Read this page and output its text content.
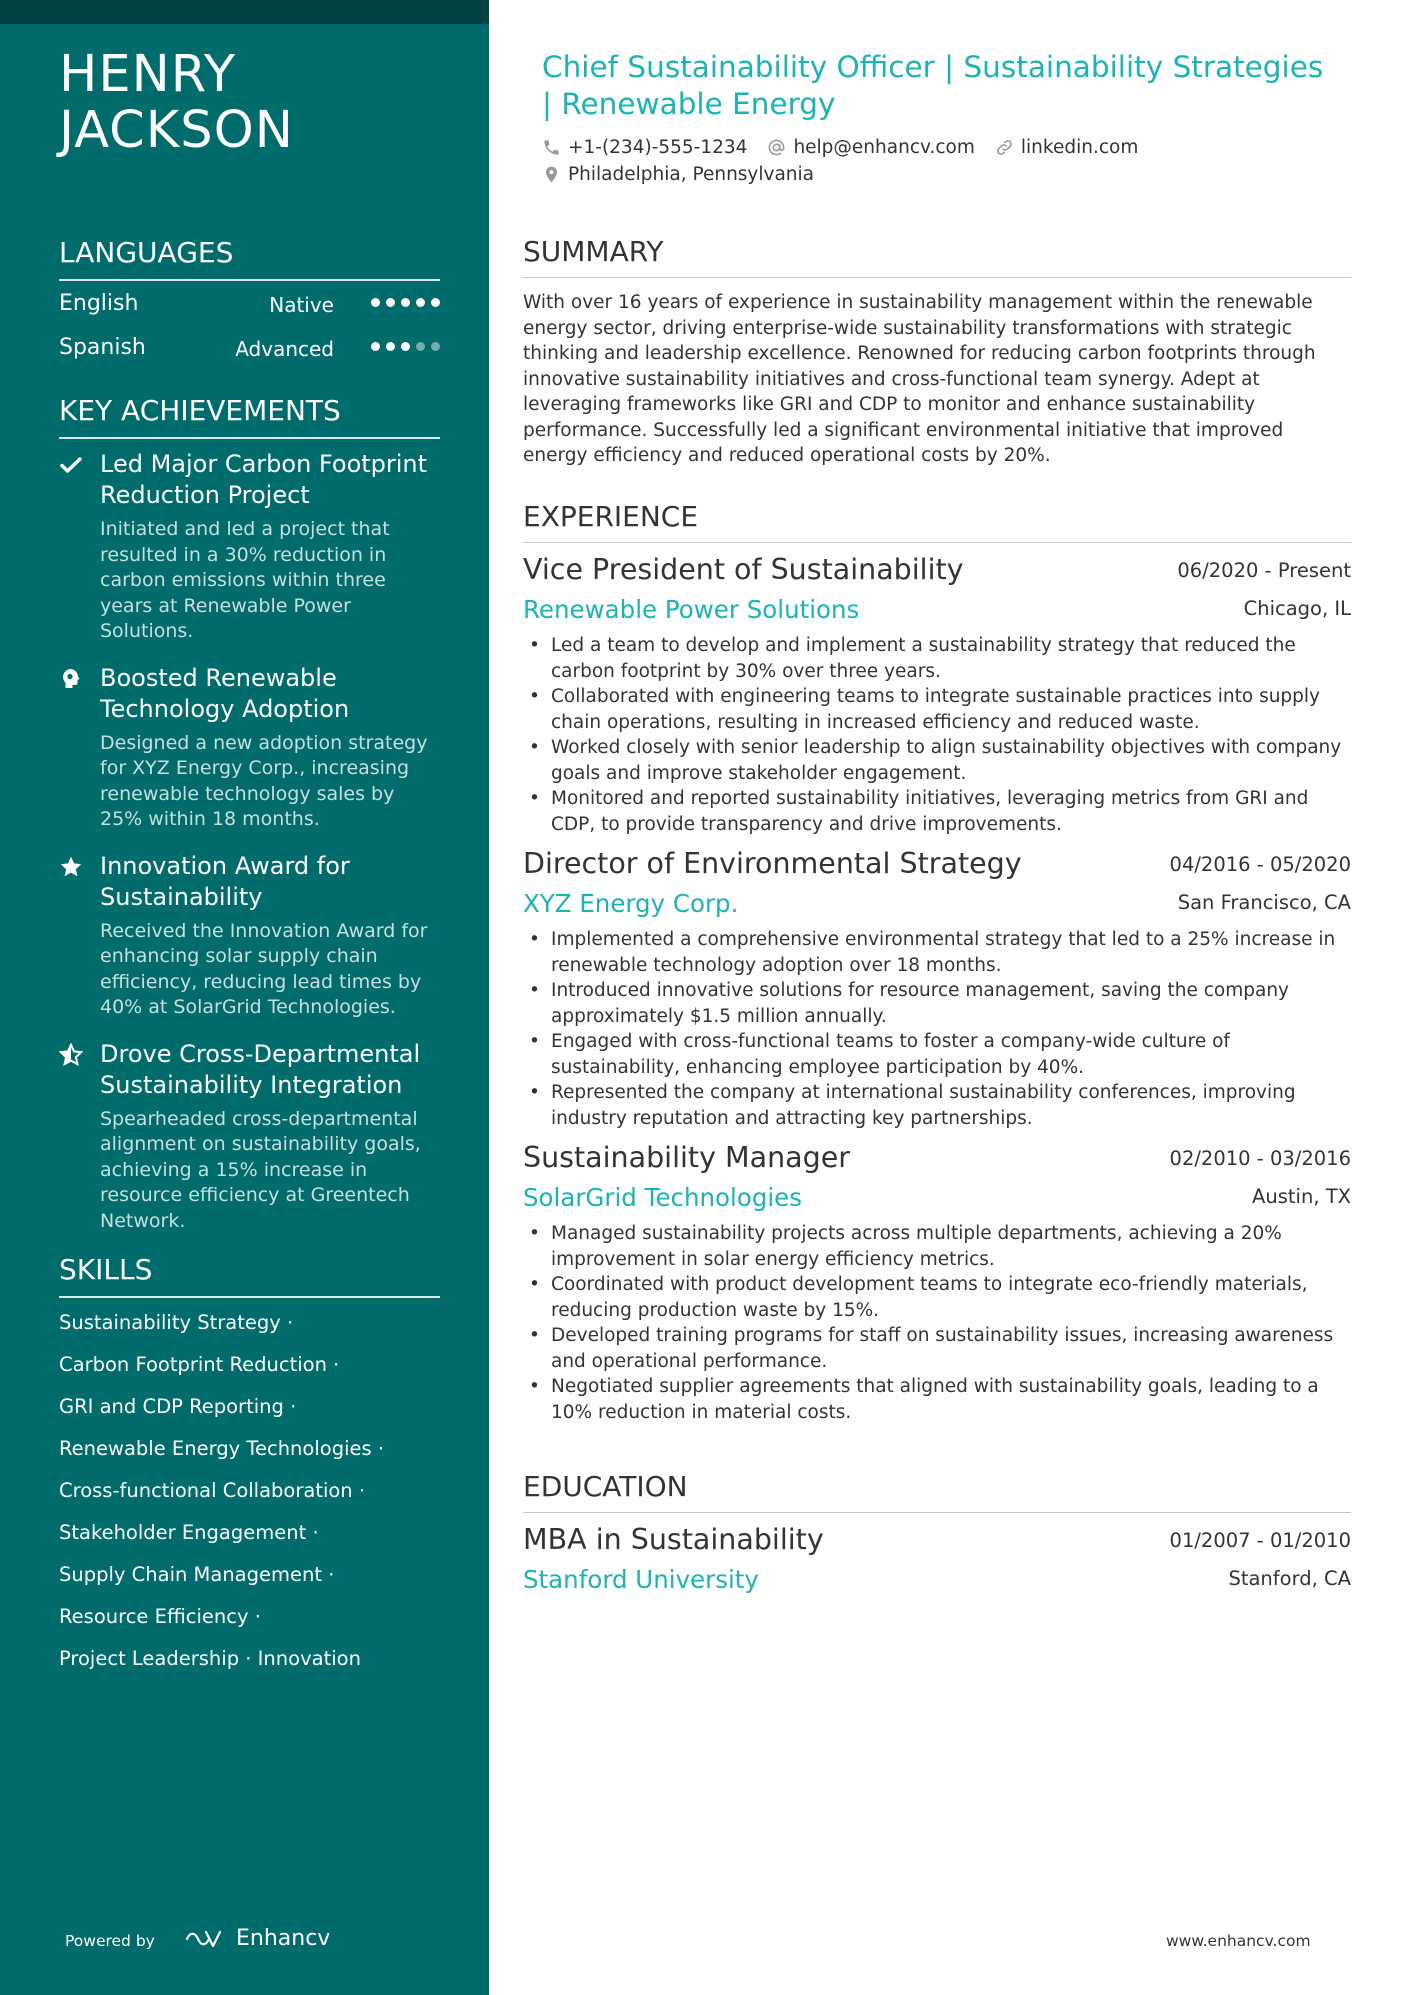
HENRY JACKSON
LANGUAGES
English	Native
Spanish	Advanced
KEY ACHIEVEMENTS
Led Major Carbon Footprint Reduction Project
Initiated and led a project that resulted in a 30% reduction in carbon emissions within three years at Renewable Power Solutions.
Boosted Renewable Technology Adoption
Designed a new adoption strategy for XYZ Energy Corp., increasing renewable technology sales by 25% within 18 months.
Innovation Award for Sustainability
Received the Innovation Award for enhancing solar supply chain efficiency, reducing lead times by 40% at SolarGrid Technologies.
Drove Cross-Departmental Sustainability Integration
Spearheaded cross-departmental alignment on sustainability goals, achieving a 15% increase in resource efficiency at Greentech Network.
SKILLS
Sustainability Strategy ·
Carbon Footprint Reduction ·
GRI and CDP Reporting ·
Renewable Energy Technologies ·
Cross-functional Collaboration ·
Stakeholder Engagement ·
Supply Chain Management ·
Resource Efficiency ·
Project Leadership · Innovation
Powered by	Enhancv
Chief Sustainability Officer | Sustainability Strategies | Renewable Energy
+1-(234)-555-1234 help@enhancv.com linkedin.com
Philadelphia, Pennsylvania
SUMMARY
With over 16 years of experience in sustainability management within the renewable energy sector, driving enterprise-wide sustainability transformations with strategic thinking and leadership excellence. Renowned for reducing carbon footprints through innovative sustainability initiatives and cross-functional team synergy. Adept at leveraging frameworks like GRI and CDP to monitor and enhance sustainability performance. Successfully led a significant environmental initiative that improved energy efficiency and reduced operational costs by 20%.
EXPERIENCE
Vice President of Sustainability	06/2020 - Present
Renewable Power Solutions	Chicago, IL
• Led a team to develop and implement a sustainability strategy that reduced the carbon footprint by 30% over three years.
• Collaborated with engineering teams to integrate sustainable practices into supply chain operations, resulting in increased efficiency and reduced waste.
• Worked closely with senior leadership to align sustainability objectives with company goals and improve stakeholder engagement.
• Monitored and reported sustainability initiatives, leveraging metrics from GRI and CDP, to provide transparency and drive improvements.
Director of Environmental Strategy	04/2016 - 05/2020
XYZ Energy Corp.	San Francisco, CA
• Implemented a comprehensive environmental strategy that led to a 25% increase in renewable technology adoption over 18 months.
• Introduced innovative solutions for resource management, saving the company approximately $1.5 million annually.
• Engaged with cross-functional teams to foster a company-wide culture of sustainability, enhancing employee participation by 40%.
• Represented the company at international sustainability conferences, improving industry reputation and attracting key partnerships.
Sustainability Manager	02/2010 - 03/2016
SolarGrid Technologies	Austin, TX
• Managed sustainability projects across multiple departments, achieving a 20% improvement in solar energy efficiency metrics.
• Coordinated with product development teams to integrate eco-friendly materials, reducing production waste by 15%.
• Developed training programs for staff on sustainability issues, increasing awareness and operational performance.
• Negotiated supplier agreements that aligned with sustainability goals, leading to a 10% reduction in material costs.
EDUCATION
MBA in Sustainability	01/2007 - 01/2010
Stanford University	Stanford, CA
www.enhancv.com
